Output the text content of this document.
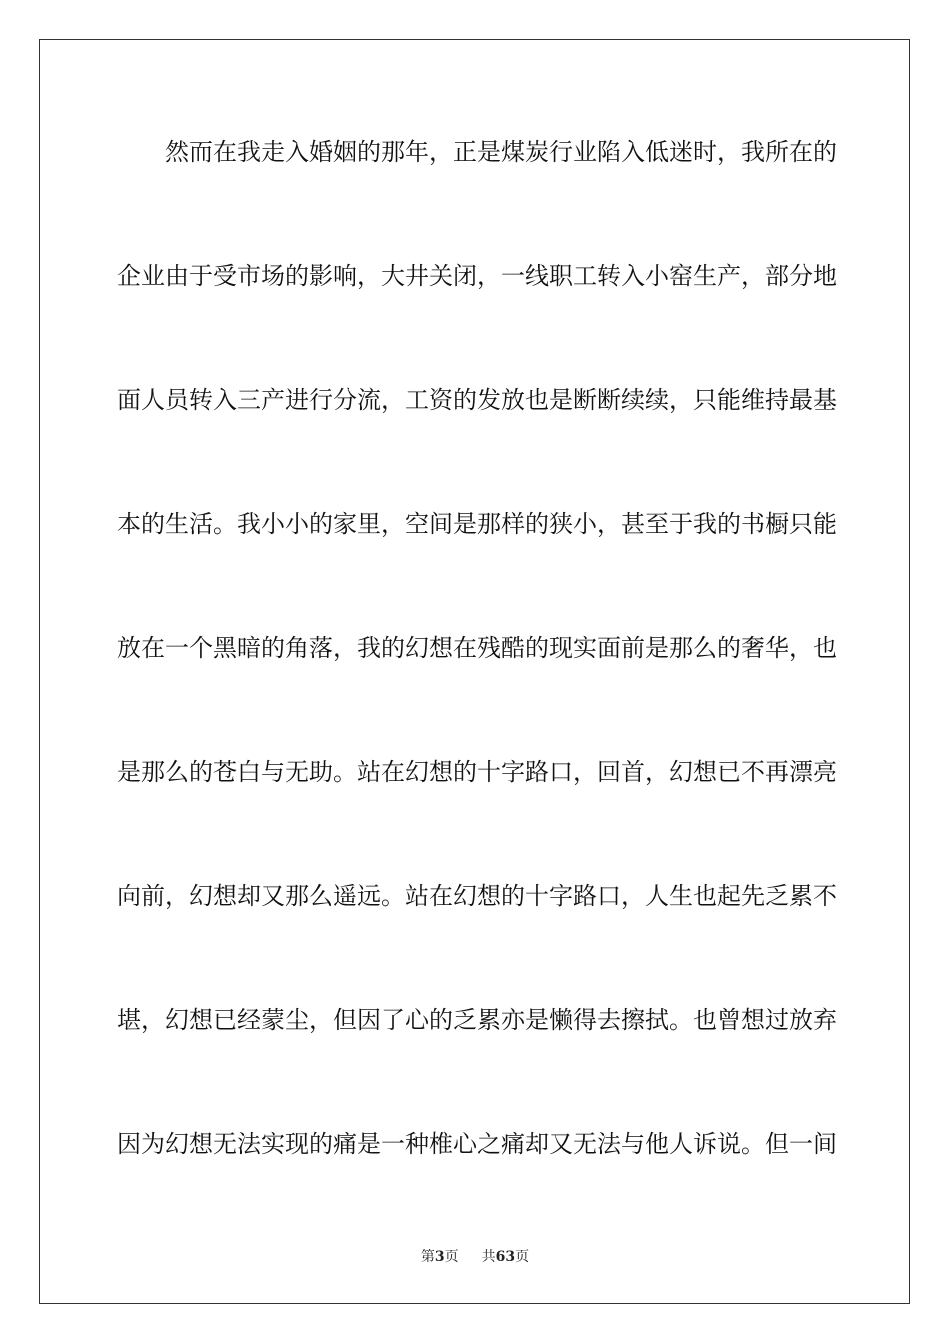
然而在我走入婚姻的那年，正是煤炭行业陷入低迷时，我所在的
企业由于受市场的影响，大井关闭，一线职工转入小窑生产，部分地
面人员转入三产进行分流，工资的发放也是断断续续，只能维持最基
本的生活。我小小的家里，空间是那样的狭小，甚至于我的书橱只能
放在一个黑暗的角落，我的幻想在残酷的现实面前是那么的奢华，也
是那么的苍白与无助。站在幻想的十字路口，回首，幻想已不再漂亮
向前，幻想却又那么遥远。站在幻想的十字路口，人生也起先乏累不
堪，幻想已经蒙尘，但因了心的乏累亦是懒得去擦拭。也曾想过放弃
因为幻想无法实现的痛是一种椎心之痛却又无法与他人诉说。但一间
第3页 共63页
